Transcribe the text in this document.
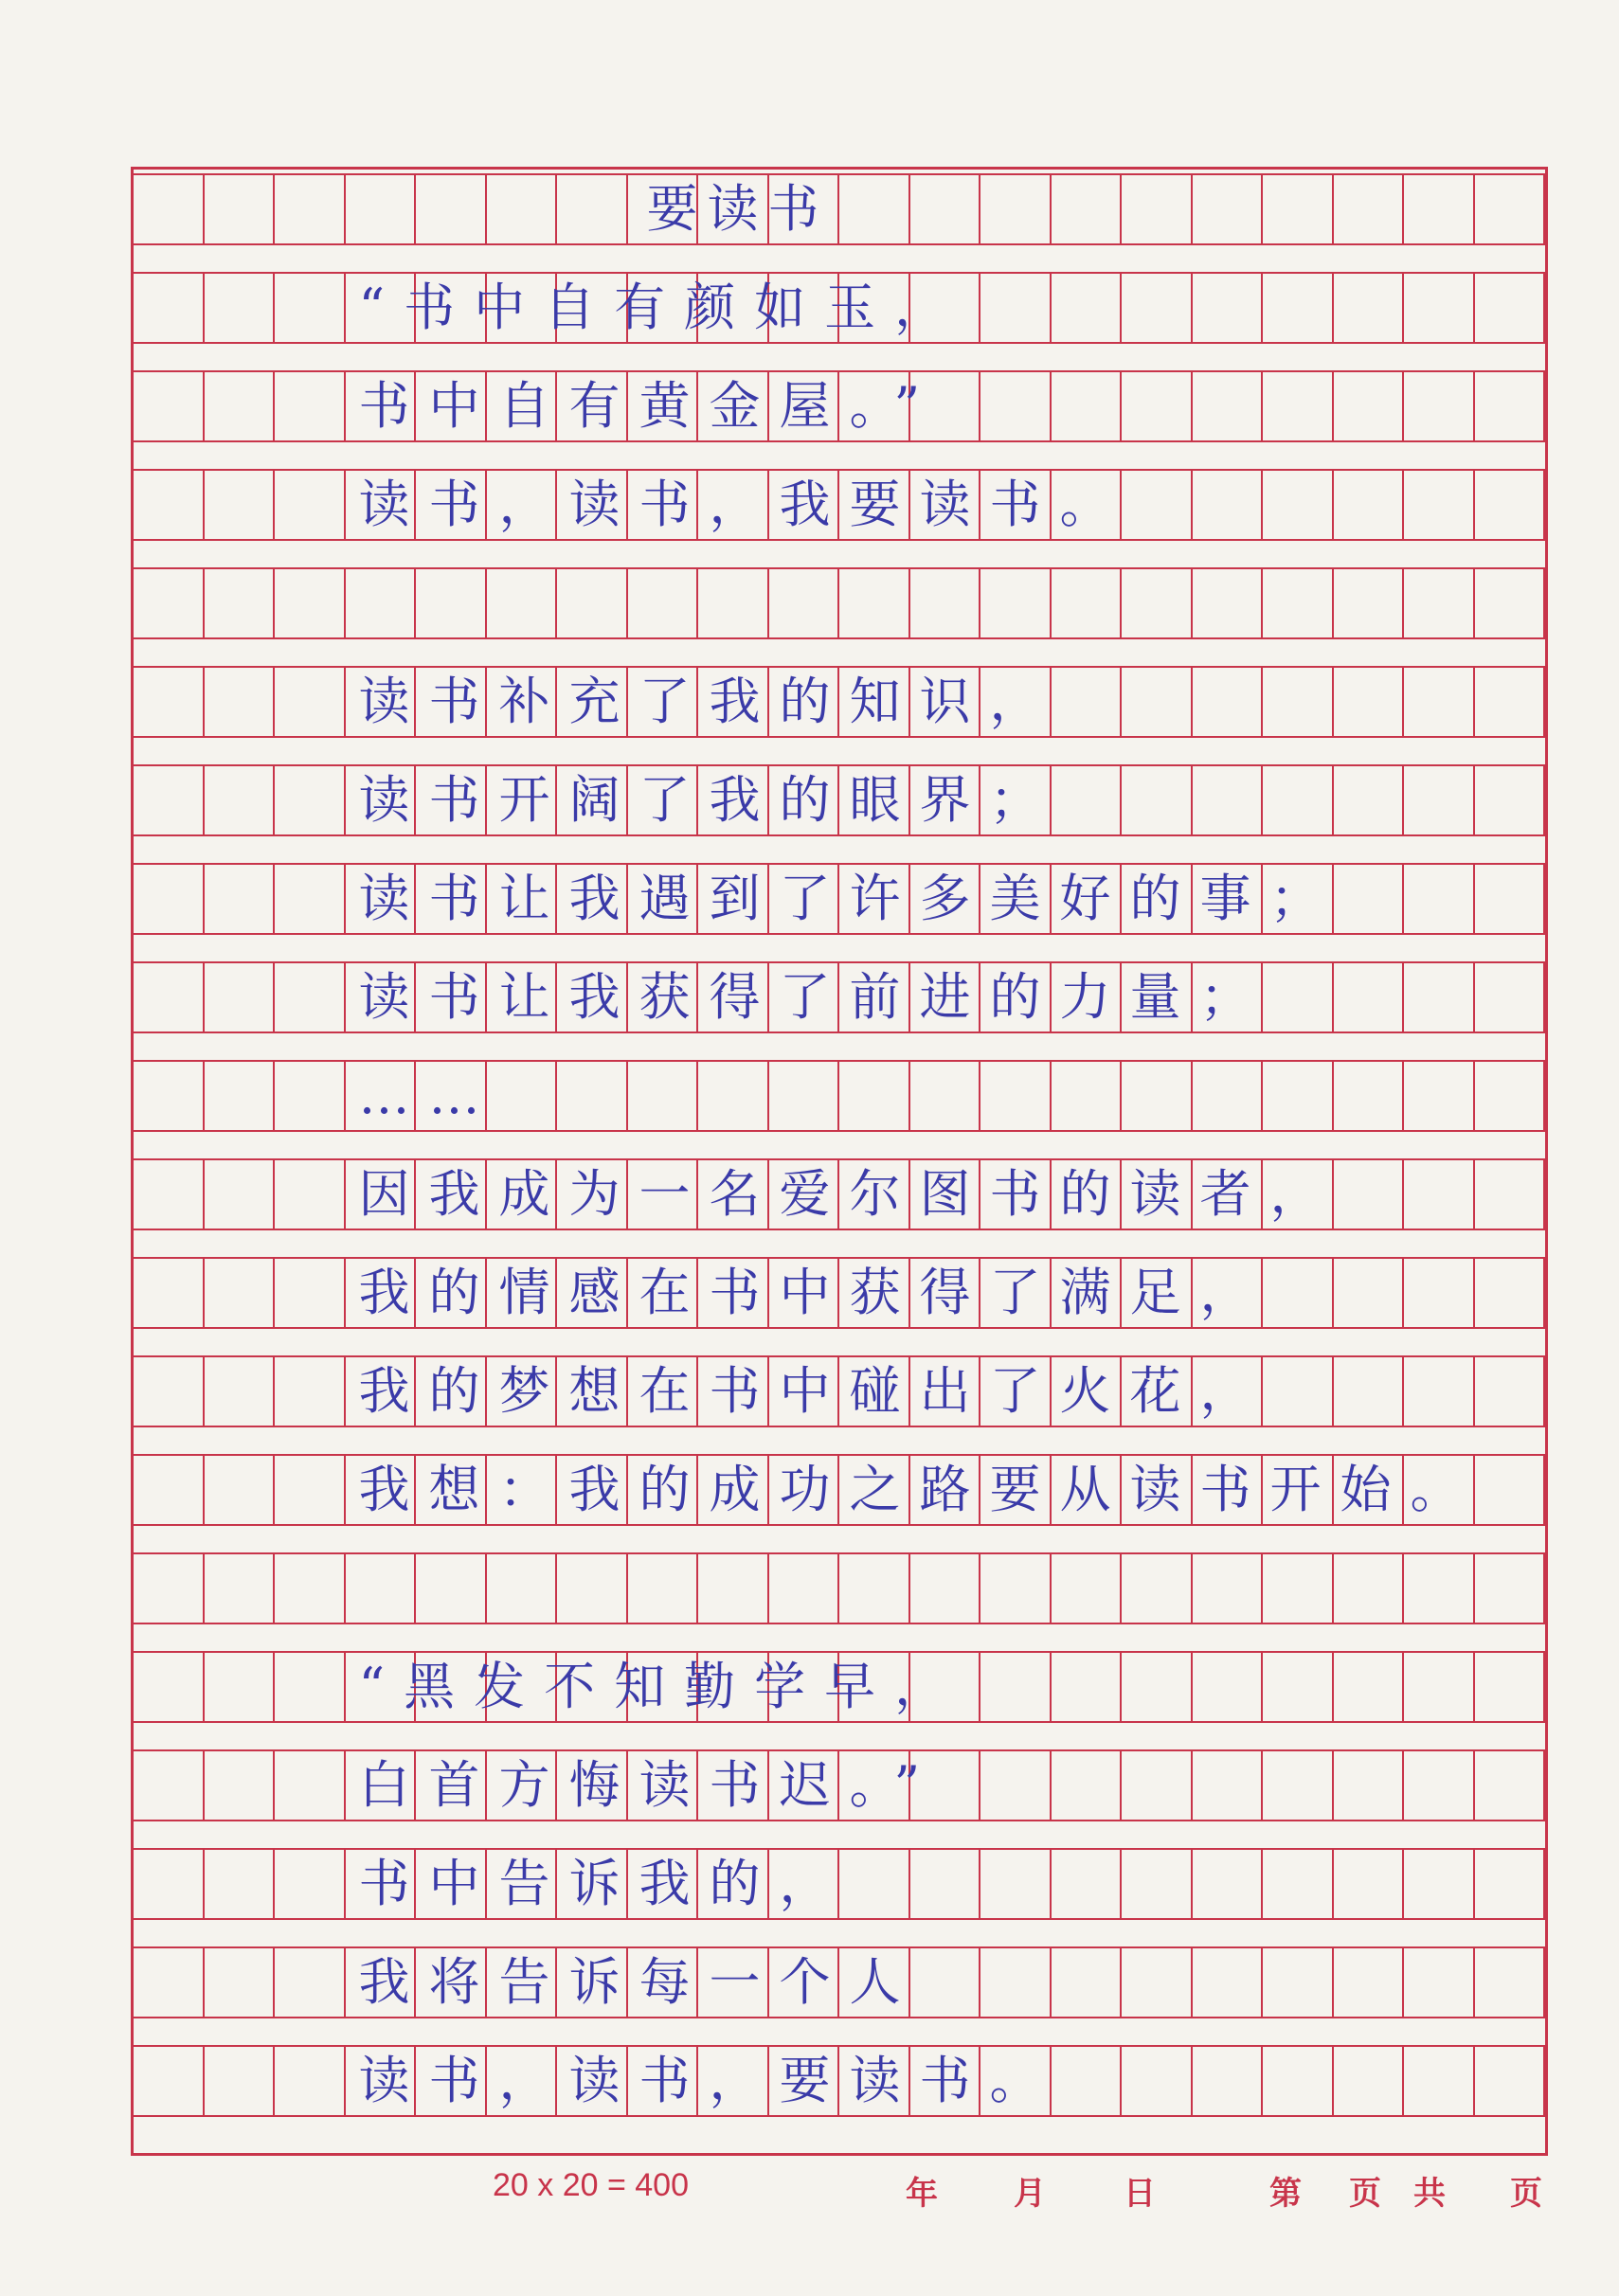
要读书
“书中自有颜如玉，
书中自有黄金屋。”
读书，读书，我要读书。
读书补充了我的知识，
读书开阔了我的眼界；
读书让我遇到了许多美好的事；
读书让我获得了前进的力量；
……
因我成为一名爱尔图书的读者，
我的情感在书中获得了满足，
我的梦想在书中碰出了火花，
我想：我的成功之路要从读书开始。
“黑发不知勤学早，
白首方悔读书迟。”
书中告诉我的，
我将告诉每一个人
读书，读书，要读书。
20 x 20 = 400	年 月 日	第 页 共 页
